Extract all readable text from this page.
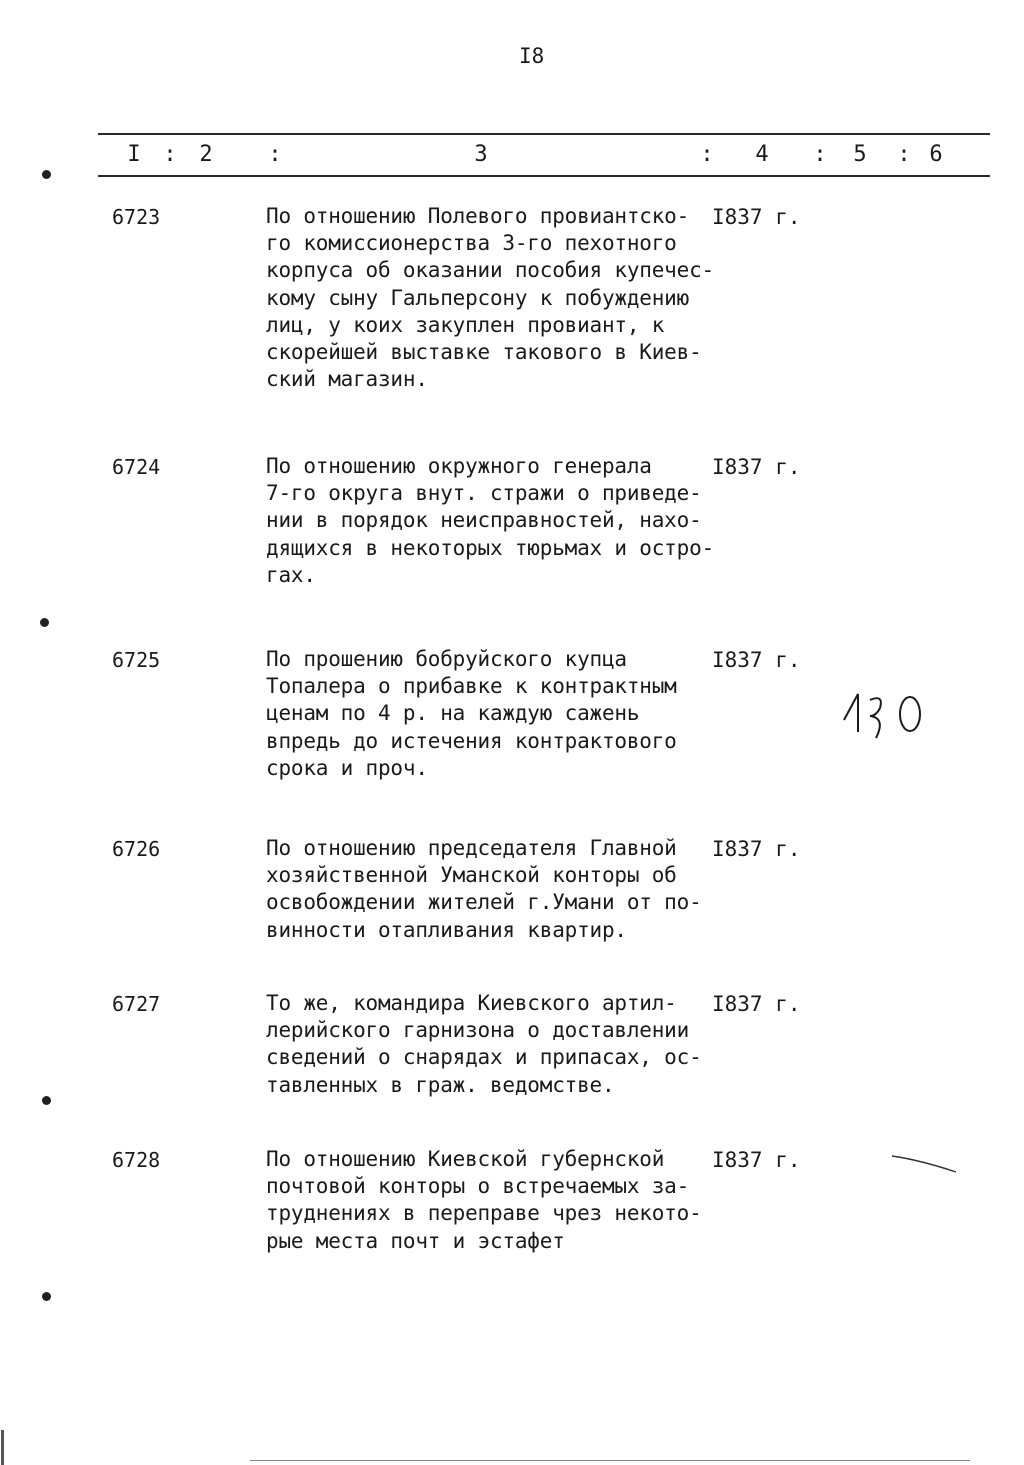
I8
I	:	2	:	3	:	4	:	5	: 6
6723	По отношению Полевого провиантско-
го комиссионерства 3-го пехотного
корпуса об оказании пособия купечес-
кому сыну Гальперсону к побуждению
лиц, у коих закуплен провиант, к
скорейшей выставке такового в Киев-
ский магазин.
I837 г.
6724	По отношению окружного генерала
7-го округа внут. стражи о приведе-
нии в порядок неисправностей, нахо-
дящихся в некоторых тюрьмах и остро-
гах.
I837 г.
6725	По прошению бобруйского купца
Топалера о прибавке к контрактным
ценам по 4 р. на каждую сажень
впредь до истечения контрактового
срока и проч.
I837 г.
6726	По отношению председателя Главной
хозяйственной Уманской конторы об
освобождении жителей г.Умани от по-
винности отапливания квартир.
I837 г.
6727	То же, командира Киевского артил-
лерийского гарнизона о доставлении
сведений о снарядах и припасах, ос-
тавленных в граж. ведомстве.
I837 г.
6728	По отношению Киевской губернской
почтовой конторы о встречаемых за-
труднениях в переправе чрез некото-
рые места почт и эстафет
I837 г.
